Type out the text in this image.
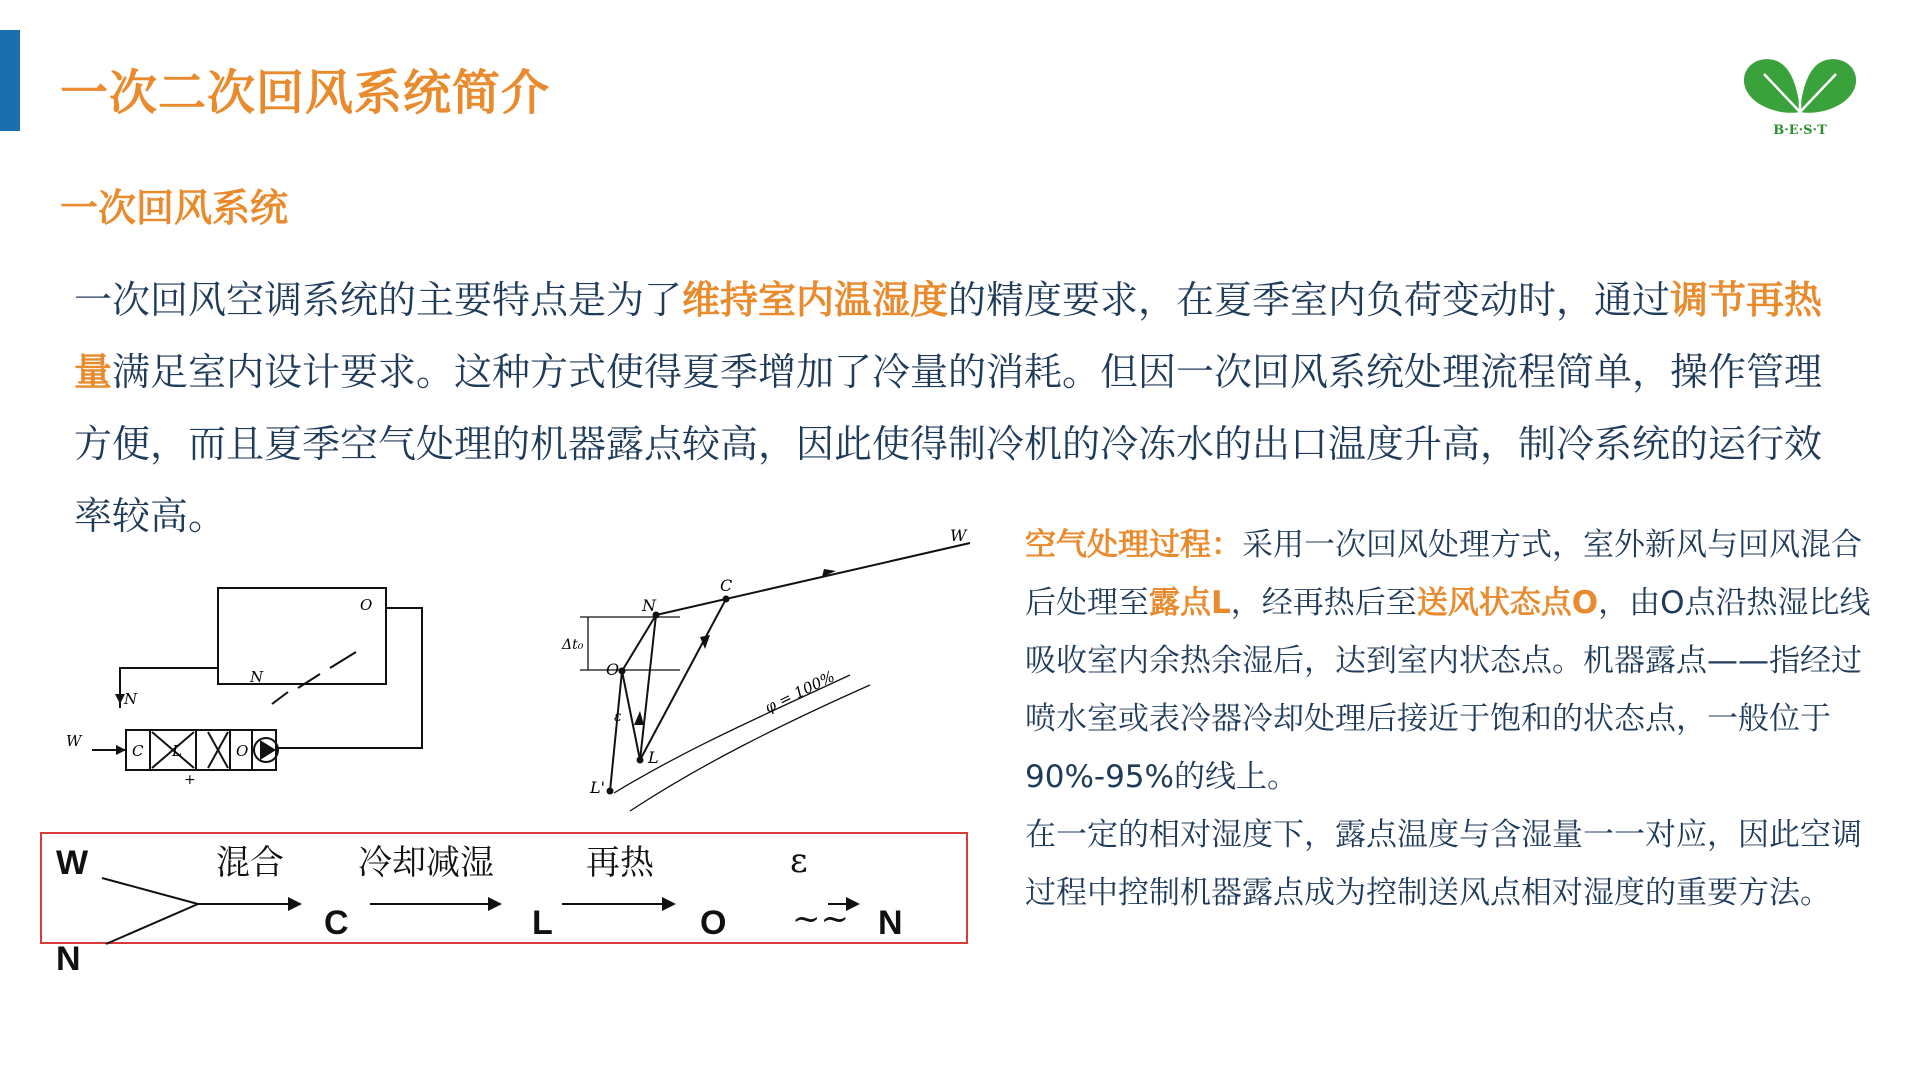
一次二次回风系统简介
B·E·S·T
一次回风系统
一次回风空调系统的主要特点是为了维持室内温湿度的精度要求，在夏季室内负荷变动时，通过调节再热量满足室内设计要求。这种方式使得夏季增加了冷量的消耗。但因一次回风系统处理流程简单，操作管理方便，而且夏季空气处理的机器露点较高，因此使得制冷机的冷冻水的出口温度升高，制冷系统的运行效率较高。
O
N
N
W
C L	O
+
W
C
N
O
L
L'
ε
Δt₀
φ = 100%
W
N
混合
C
冷却减湿
L
再热
O ~~
ε
N

空气处理过程：采用一次回风处理方式，室外新风与回风混合后处理至露点L，经再热后至送风状态点O，由O点沿热湿比线吸收室内余热余湿后，达到室内状态点。机器露点——指经过喷水室或表冷器冷却处理后接近于饱和的状态点，一般位于90%-95%的线上。

在一定的相对湿度下，露点温度与含湿量一一对应，因此空调过程中控制机器露点成为控制送风点相对湿度的重要方法。
